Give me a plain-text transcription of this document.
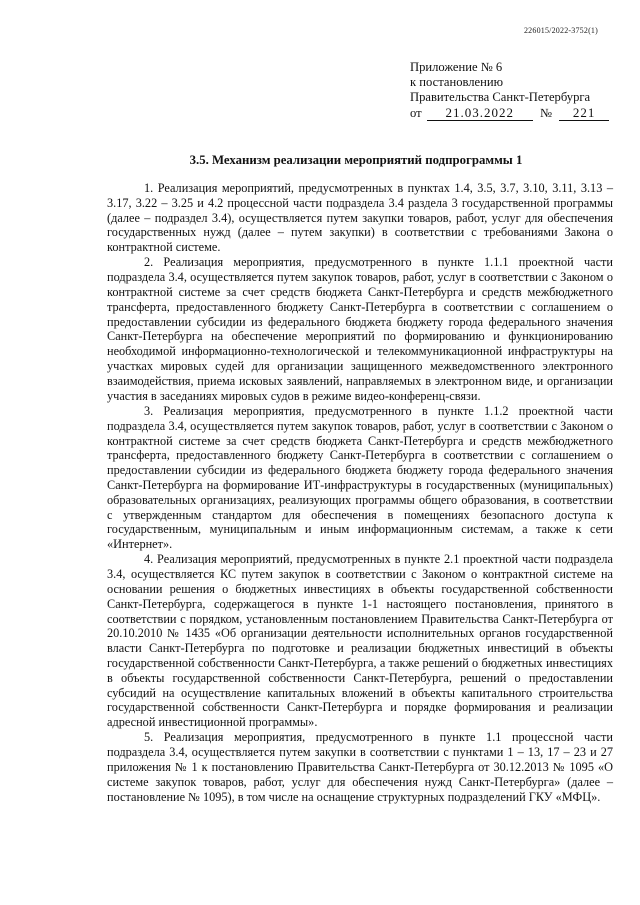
226015/2022-3752(1)
Приложение № 6
к постановлению
Правительства Санкт-Петербурга
от 21.03.2022 № 221
3.5. Механизм реализации мероприятий подпрограммы 1

1. Реализация мероприятий, предусмотренных в пунктах 1.4, 3.5, 3.7, 3.10, 3.11, 3.13 – 3.17, 3.22 – 3.25 и 4.2 процессной части подраздела 3.4 раздела 3 государственной программы (далее – подраздел 3.4), осуществляется путем закупки товаров, работ, услуг для обеспечения государственных нужд (далее – путем закупки) в соответствии с требованиями Закона о контрактной системе.

2. Реализация мероприятия, предусмотренного в пункте 1.1.1 проектной части подраздела 3.4, осуществляется путем закупок товаров, работ, услуг в соответствии с Законом о контрактной системе за счет средств бюджета Санкт-Петербурга и средств межбюджетного трансферта, предоставленного бюджету Санкт-Петербурга в соответствии с соглашением о предоставлении субсидии из федерального бюджета бюджету города федерального значения Санкт-Петербурга на обеспечение мероприятий по формированию и функционированию необходимой информационно-технологической и телекоммуникационной инфраструктуры на участках мировых судей для организации защищенного межведомственного электронного взаимодействия, приема исковых заявлений, направляемых в электронном виде, и организации участия в заседаниях мировых судов в режиме видео-конференц-связи.

3. Реализация мероприятия, предусмотренного в пункте 1.1.2 проектной части подраздела 3.4, осуществляется путем закупок товаров, работ, услуг в соответствии с Законом о контрактной системе за счет средств бюджета Санкт-Петербурга и средств межбюджетного трансферта, предоставленного бюджету Санкт-Петербурга в соответствии с соглашением о предоставлении субсидии из федерального бюджета бюджету города федерального значения Санкт-Петербурга на формирование ИТ-инфраструктуры в государственных (муниципальных) образовательных организациях, реализующих программы общего образования, в соответствии с утвержденным стандартом для обеспечения в помещениях безопасного доступа к государственным, муниципальным и иным информационным системам, а также к сети «Интернет».

4. Реализация мероприятий, предусмотренных в пункте 2.1 проектной части подраздела 3.4, осуществляется КС путем закупок в соответствии с Законом о контрактной системе на основании решения о бюджетных инвестициях в объекты государственной собственности Санкт-Петербурга, содержащегося в пункте 1-1 настоящего постановления, принятого в соответствии с порядком, установленным постановлением Правительства Санкт-Петербурга от 20.10.2010 № 1435 «Об организации деятельности исполнительных органов государственной власти Санкт-Петербурга по подготовке и реализации бюджетных инвестиций в объекты государственной собственности Санкт-Петербурга, а также решений о бюджетных инвестициях в объекты государственной собственности Санкт-Петербурга, решений о предоставлении субсидий на осуществление капитальных вложений в объекты капитального строительства государственной собственности Санкт-Петербурга и порядке формирования и реализации адресной инвестиционной программы».

5. Реализация мероприятия, предусмотренного в пункте 1.1 процессной части подраздела 3.4, осуществляется путем закупки в соответствии с пунктами 1 – 13, 17 – 23 и 27 приложения № 1 к постановлению Правительства Санкт-Петербурга от 30.12.2013 № 1095 «О системе закупок товаров, работ, услуг для обеспечения нужд Санкт-Петербурга» (далее – постановление № 1095), в том числе на оснащение структурных подразделений ГКУ «МФЦ».
